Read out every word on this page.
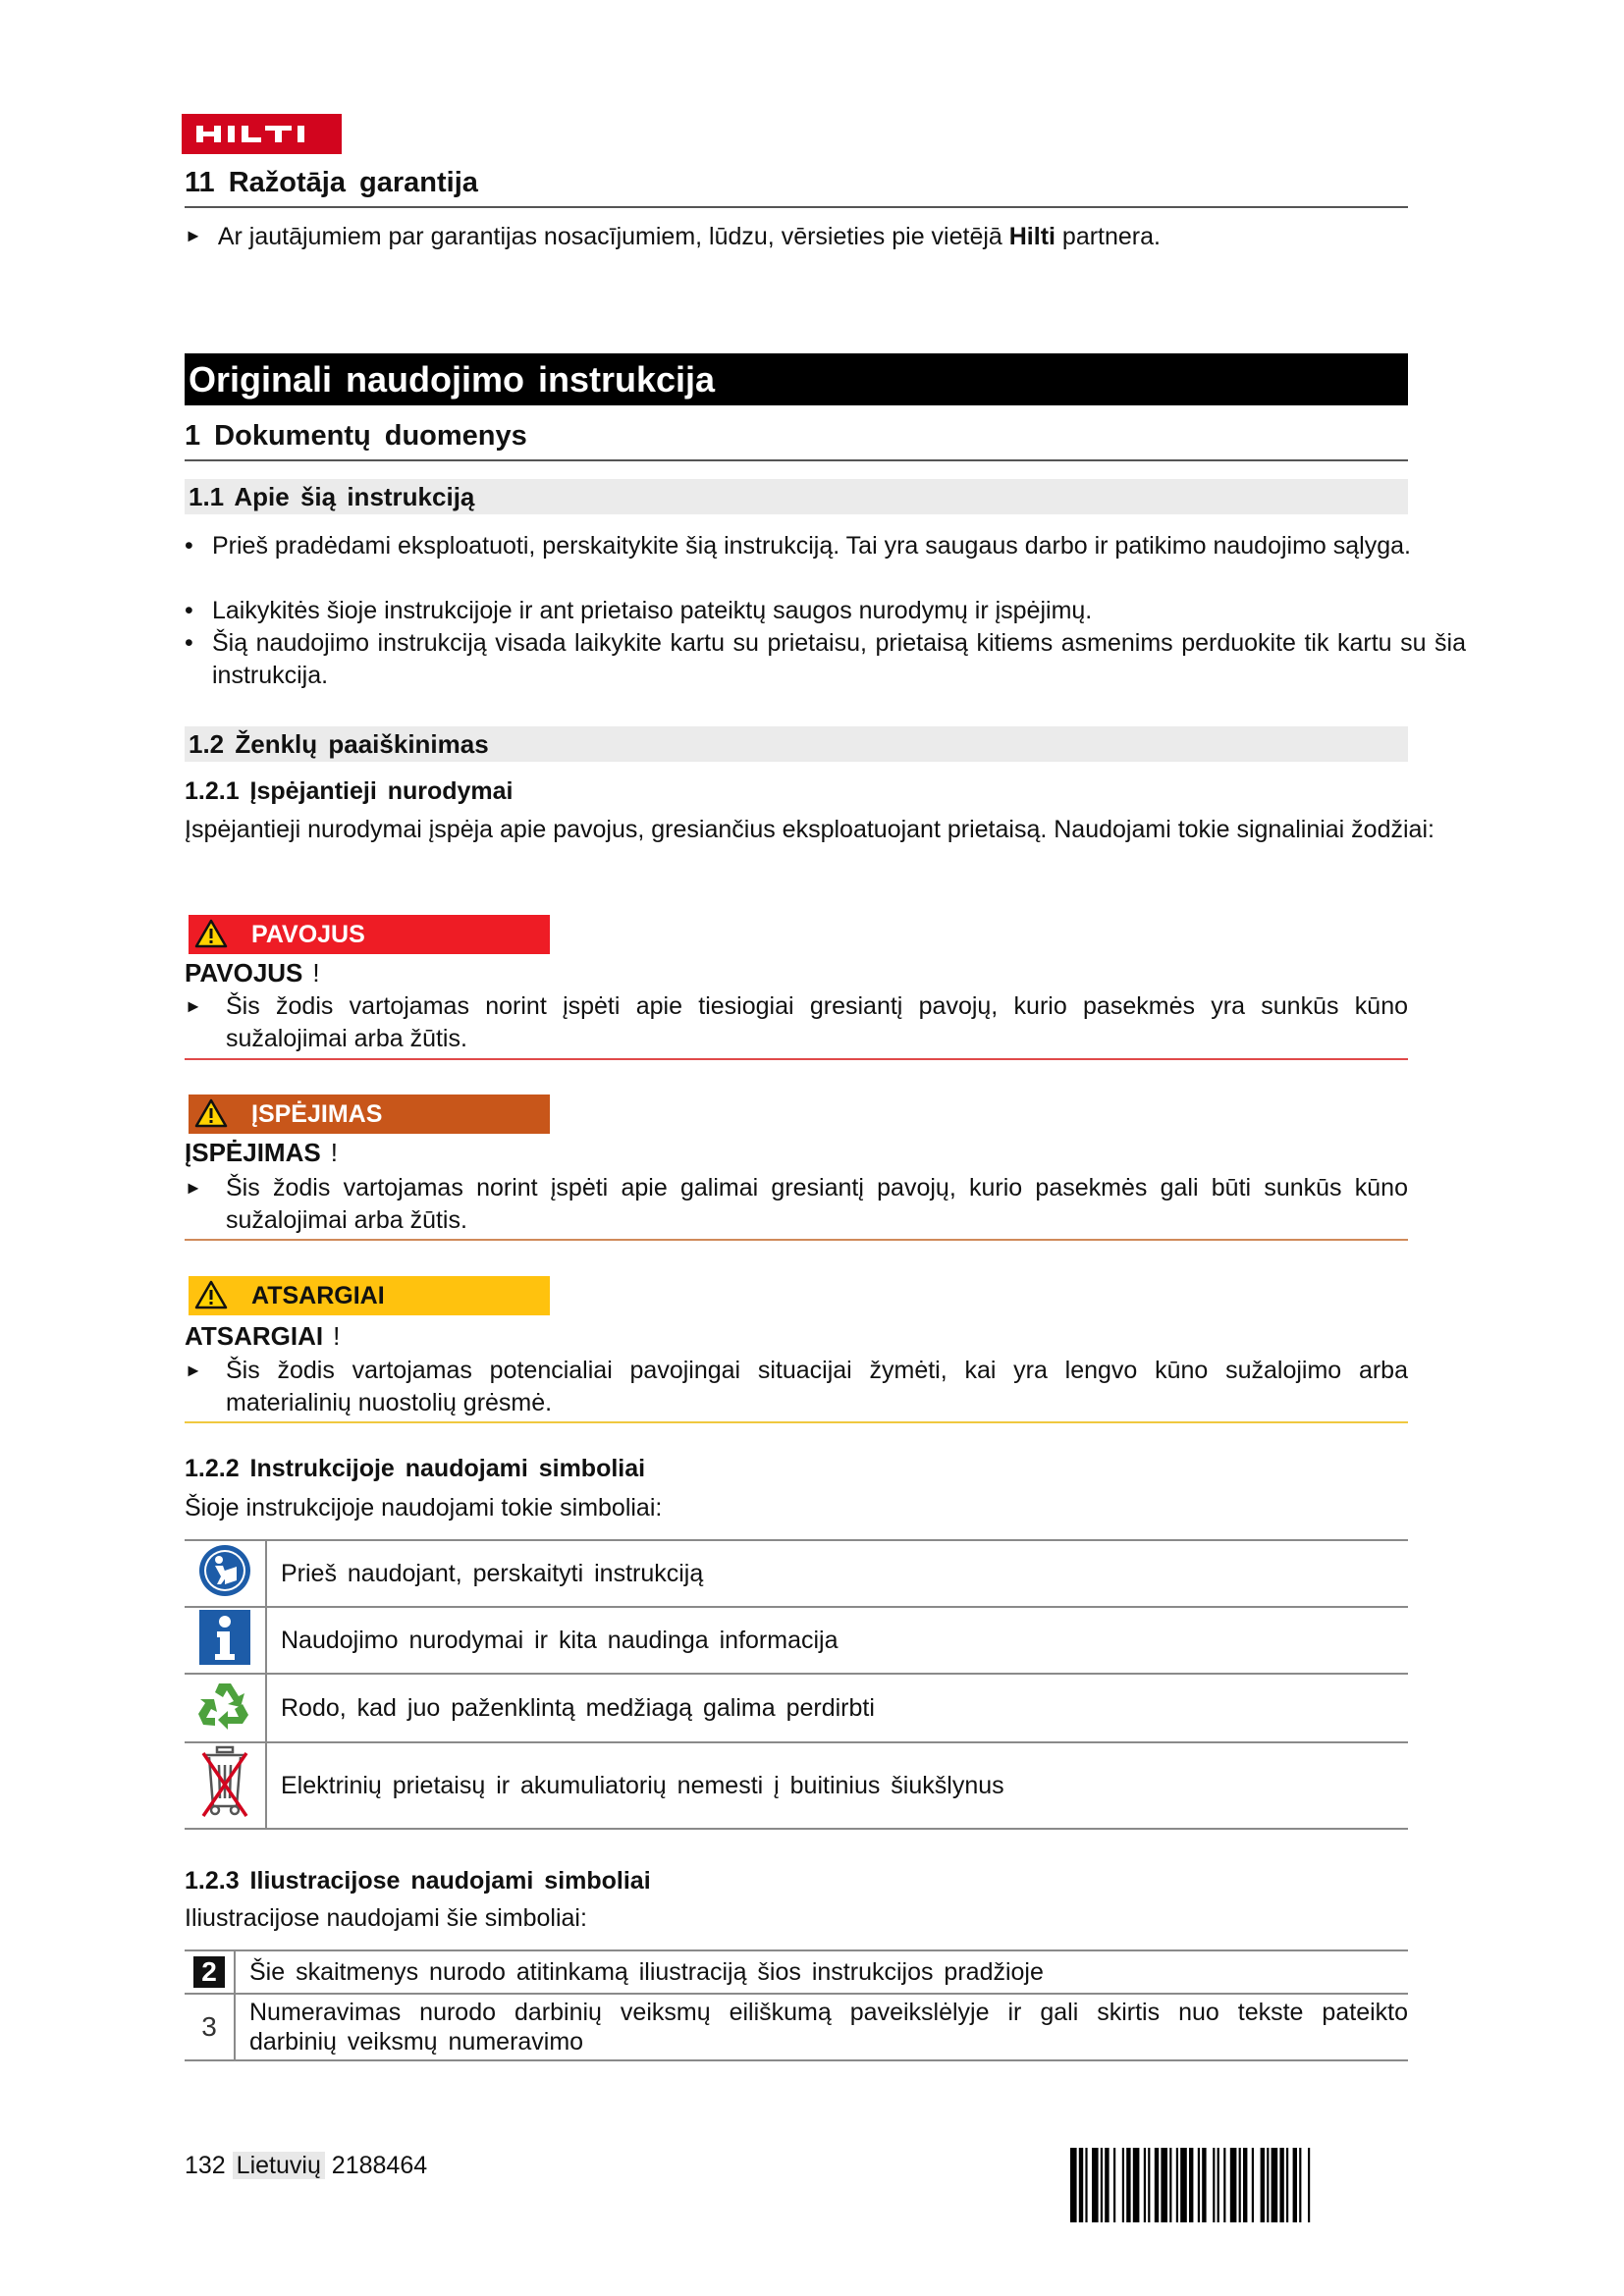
11 Ražotāja garantija
► Ar jautājumiem par garantijas nosacījumiem, lūdzu, vērsieties pie vietējā Hilti partnera.
Originali naudojimo instrukcija
1 Dokumentų duomenys
1.1 Apie šią instrukciją
• Prieš pradėdami eksploatuoti, perskaitykite šią instrukciją. Tai yra saugaus darbo ir patikimo naudojimo sąlyga.
• Laikykitės šioje instrukcijoje ir ant prietaiso pateiktų saugos nurodymų ir įspėjimų.
• Šią naudojimo instrukciją visada laikykite kartu su prietaisu, prietaisą kitiems asmenims perduokite tik kartu su šia instrukcija.
1.2 Ženklų paaiškinimas
1.2.1 Įspėjantieji nurodymai
Įspėjantieji nurodymai įspėja apie pavojus, gresiančius eksploatuojant prietaisą. Naudojami tokie signaliniai žodžiai:
PAVOJUS
PAVOJUS !
► Šis žodis vartojamas norint įspėti apie tiesiogiai gresiantį pavojų, kurio pasekmės yra sunkūs kūno sužalojimai arba žūtis.
ĮSPĖJIMAS
ĮSPĖJIMAS !
► Šis žodis vartojamas norint įspėti apie galimai gresiantį pavojų, kurio pasekmės gali būti sunkūs kūno sužalojimai arba žūtis.
ATSARGIAI
ATSARGIAI !
► Šis žodis vartojamas potencialiai pavojingai situacijai žymėti, kai yra lengvo kūno sužalojimo arba materialinių nuostolių grėsmė.
1.2.2 Instrukcijoje naudojami simboliai
Šioje instrukcijoje naudojami tokie simboliai:
	Prieš naudojant, perskaityti instrukciją
	Naudojimo nurodymai ir kita naudinga informacija
	Rodo, kad juo paženklintą medžiagą galima perdirbti
	Elektrinių prietaisų ir akumuliatorių nemesti į buitinius šiukšlynus
1.2.3 Iliustracijose naudojami simboliai
Iliustracijose naudojami šie simboliai:
2	Šie skaitmenys nurodo atitinkamą iliustraciją šios instrukcijos pradžioje
3	Numeravimas nurodo darbinių veiksmų eiliškumą paveikslėlyje ir gali skirtis nuo tekste pateikto darbinių veiksmų numeravimo
132 Lietuvių 2188464
